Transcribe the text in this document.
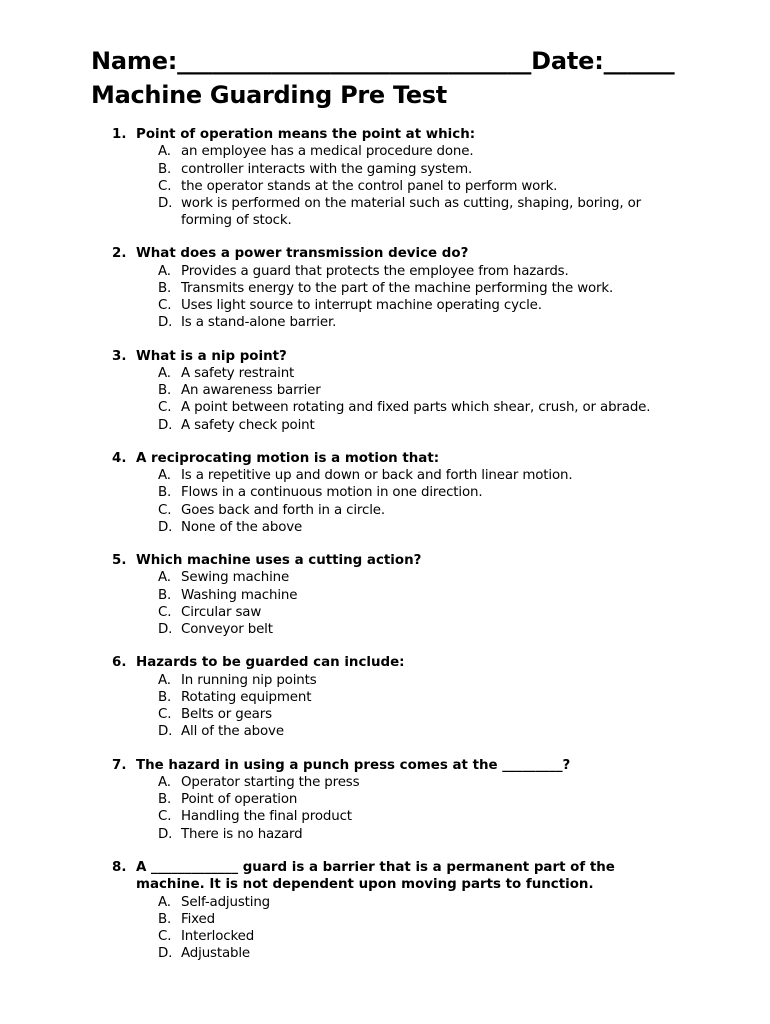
Name:______________________________Date:______
Machine Guarding Pre Test
1. Point of operation means the point at which:
A. an employee has a medical procedure done.
B. controller interacts with the gaming system.
C. the operator stands at the control panel to perform work.
D. work is performed on the material such as cutting, shaping, boring, or forming of stock.
2. What does a power transmission device do?
A. Provides a guard that protects the employee from hazards.
B. Transmits energy to the part of the machine performing the work.
C. Uses light source to interrupt machine operating cycle.
D. Is a stand-alone barrier.
3. What is a nip point?
A. A safety restraint
B. An awareness barrier
C. A point between rotating and fixed parts which shear, crush, or abrade.
D. A safety check point
4. A reciprocating motion is a motion that:
A. Is a repetitive up and down or back and forth linear motion.
B. Flows in a continuous motion in one direction.
C. Goes back and forth in a circle.
D. None of the above
5. Which machine uses a cutting action?
A. Sewing machine
B. Washing machine
C. Circular saw
D. Conveyor belt
6. Hazards to be guarded can include:
A. In running nip points
B. Rotating equipment
C. Belts or gears
D. All of the above
7. The hazard in using a punch press comes at the _________?
A. Operator starting the press
B. Point of operation
C. Handling the final product
D. There is no hazard
8. A _____________ guard is a barrier that is a permanent part of the machine. It is not dependent upon moving parts to function.
A. Self-adjusting
B. Fixed
C. Interlocked
D. Adjustable
